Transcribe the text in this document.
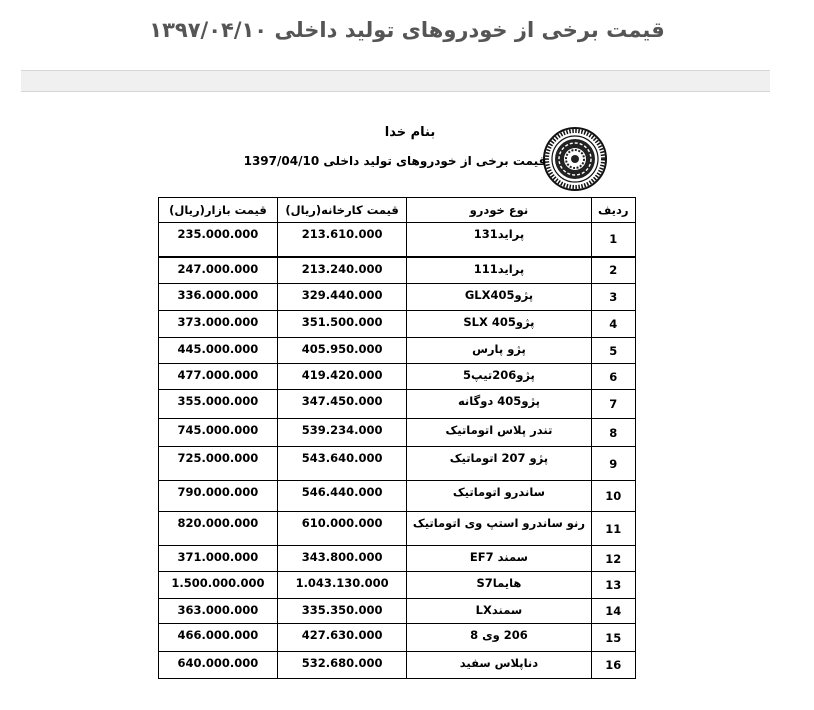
قیمت برخی از خودروهای تولید داخلی ۱۳۹۷/۰۴/۱۰
بنام خدا
قیمت برخی از خودروهای تولید داخلی 1397/04/10
ردیف	نوع خودرو	قیمت کارخانه(ریال)	قیمت بازار(ریال)
1	پراید131	213.610.000	235.000.000
2	پراید111	213.240.000	247.000.000
3	پژوGLX405	329.440.000	336.000.000
4	پژوSLX 405	351.500.000	373.000.000
5	پژو پارس	405.950.000	445.000.000
6	پژو206تیپ5	419.420.000	477.000.000
7	پژو405 دوگانه	347.450.000	355.000.000
8	تندر پلاس اتوماتیک	539.234.000	745.000.000
9	پژو 207 اتوماتیک	543.640.000	725.000.000
10	ساندرو اتوماتیک	546.440.000	790.000.000
11	رنو ساندرو استپ وی اتوماتیک	610.000.000	820.000.000
12	سمند EF7	343.800.000	371.000.000
13	هایماS7	1.043.130.000	1.500.000.000
14	سمندLX	335.350.000	363.000.000
15	206 وی 8	427.630.000	466.000.000
16	دناپلاس سفید	532.680.000	640.000.000
